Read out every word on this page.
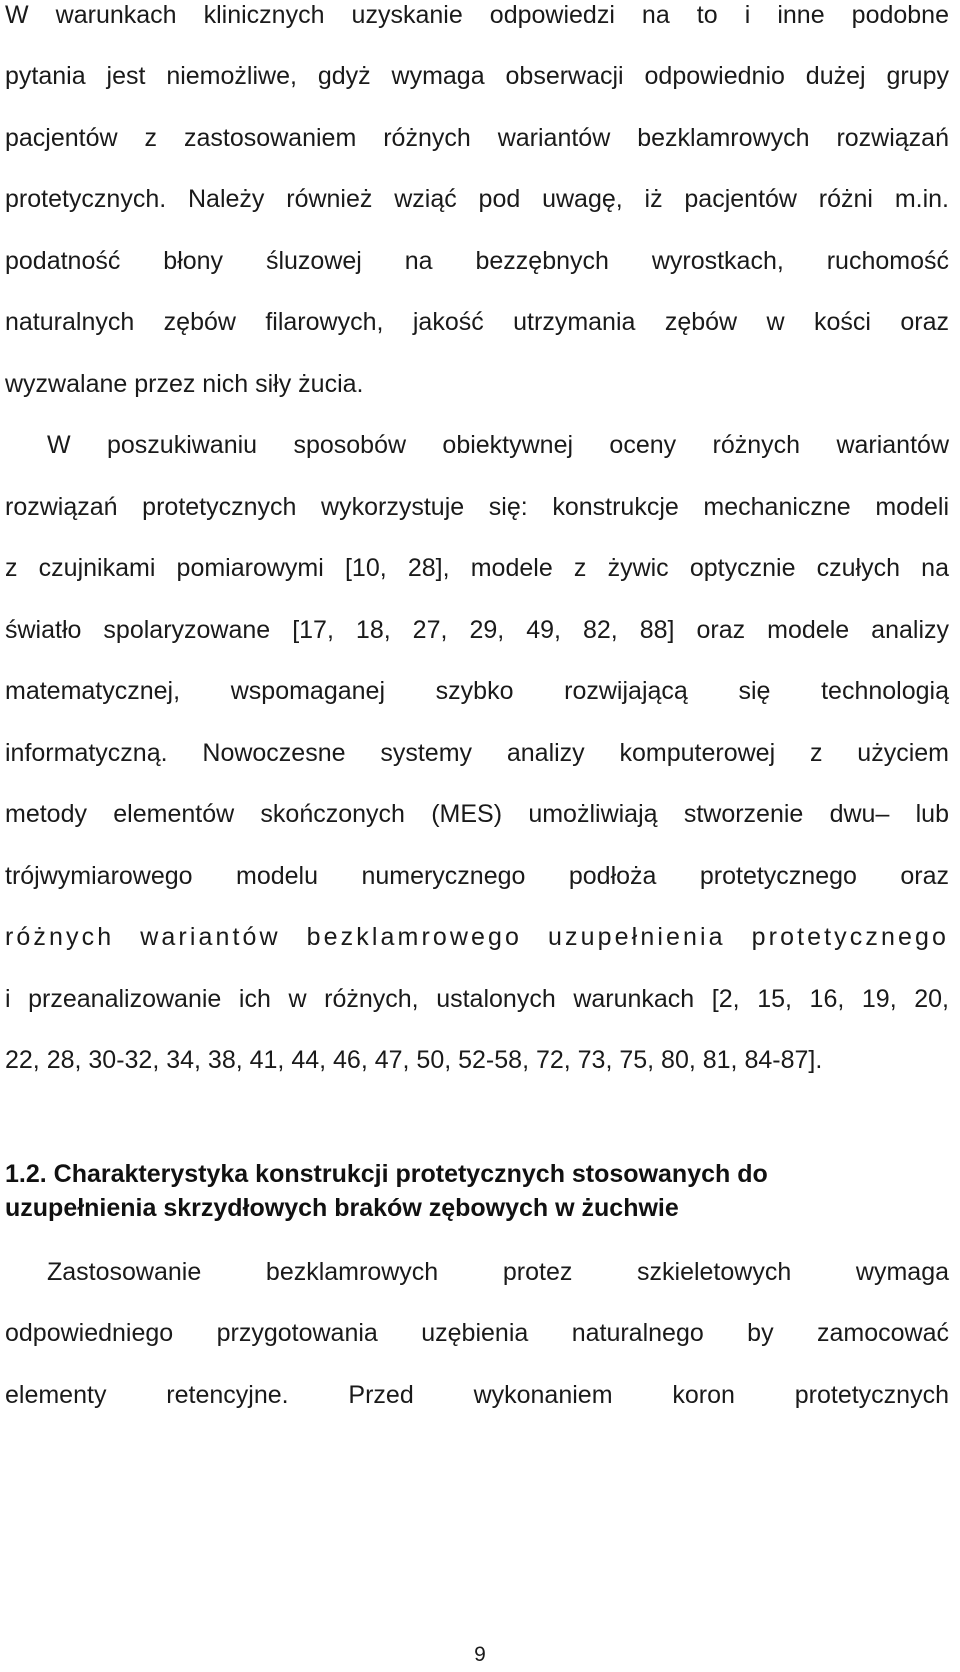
W warunkach klinicznych uzyskanie odpowiedzi na to i inne podobne
pytania jest niemożliwe, gdyż wymaga obserwacji odpowiednio dużej grupy
pacjentów z zastosowaniem różnych wariantów bezklamrowych rozwiązań
protetycznych. Należy również wziąć pod uwagę, iż pacjentów różni m.in.
podatność błony śluzowej na bezzębnych wyrostkach, ruchomość
naturalnych zębów filarowych, jakość utrzymania zębów w kości oraz
wyzwalane przez nich siły żucia.
W poszukiwaniu sposobów obiektywnej oceny różnych wariantów
rozwiązań protetycznych wykorzystuje się: konstrukcje mechaniczne modeli
z czujnikami pomiarowymi [10, 28], modele z żywic optycznie czułych na
światło spolaryzowane [17, 18, 27, 29, 49, 82, 88] oraz modele analizy
matematycznej, wspomaganej szybko rozwijającą się technologią
informatyczną. Nowoczesne systemy analizy komputerowej z użyciem
metody elementów skończonych (MES) umożliwiają stworzenie dwu– lub
trójwymiarowego modelu numerycznego podłoża protetycznego oraz
różnych wariantów bezklamrowego uzupełnienia protetycznego
i przeanalizowanie ich w różnych, ustalonych warunkach [2, 15, 16, 19, 20,
22, 28, 30-32, 34, 38, 41, 44, 46, 47, 50, 52-58, 72, 73, 75, 80, 81, 84-87].
1.2. Charakterystyka konstrukcji protetycznych stosowanych do
uzupełnienia skrzydłowych braków zębowych w żuchwie
Zastosowanie bezklamrowych protez szkieletowych wymaga
odpowiedniego przygotowania uzębienia naturalnego by zamocować
elementy retencyjne. Przed wykonaniem koron protetycznych
9
